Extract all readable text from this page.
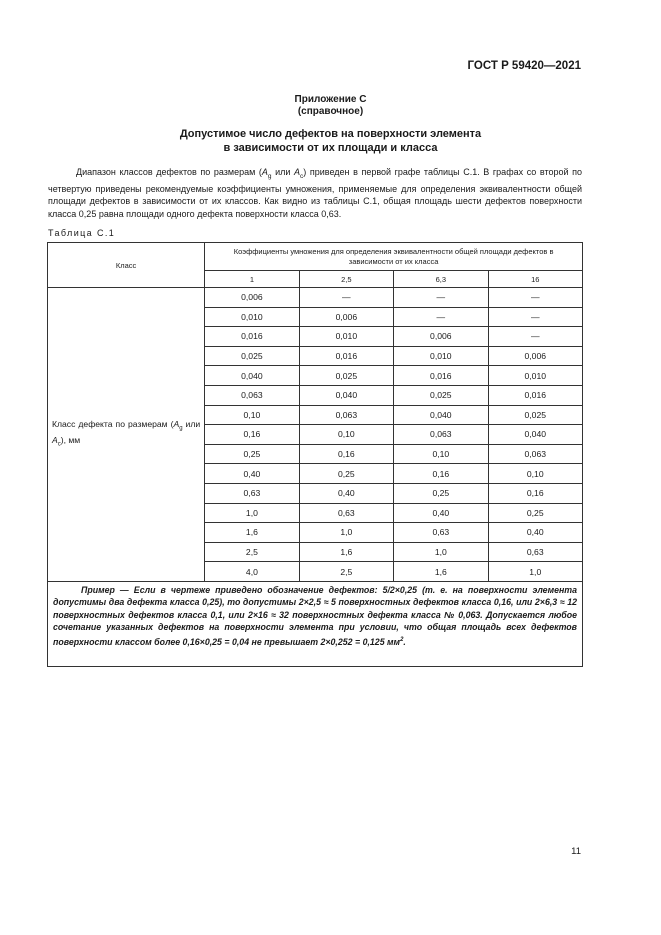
ГОСТ Р 59420—2021
Приложение С
(справочное)
Допустимое число дефектов на поверхности элемента
в зависимости от их площади и класса

Диапазон классов дефектов по размерам ($A_g$ или $A_c$) приведен в первой графе таблицы С.1. В графах со второй по четвертую приведены рекомендуемые коэффициенты умножения, применяемые для определения эквивалентности общей площади дефектов в зависимости от их классов. Как видно из таблицы С.1, общая площадь шести дефектов поверхности класса 0,25 равна площади одного дефекта поверхности класса 0,63.

Таблица С.1
Класс	Коэффициенты умножения для определения эквивалентности общей площади дефектов в зависимости от их класса			
	1	2,5	6,3	16
Класс дефекта по размерам ($A_g$ или $A_c$), мм	0,006	—	—	—
	0,010	0,006	—	—
	0,016	0,010	0,006	—
	0,025	0,016	0,010	0,006
	0,040	0,025	0,016	0,010
	0,063	0,040	0,025	0,016
	0,10	0,063	0,040	0,025
	0,16	0,10	0,063	0,040
	0,25	0,16	0,10	0,063
	0,40	0,25	0,16	0,10
	0,63	0,40	0,25	0,16
	1,0	0,63	0,40	0,25
	1,6	1,0	0,63	0,40
	2,5	1,6	1,0	0,63
	4,0	2,5	1,6	1,0
Пример — Если в чертеже приведено обозначение дефектов: 5/2×0,25 (т. е. на поверхности элемента допустимы два дефекта класса 0,25), то допустимы 2×2,5 ≈ 5 поверхностных дефектов класса 0,16, или 2×6,3 ≈ 12 поверхностных дефектов класса 0,1, или 2×16 ≈ 32 поверхностных дефекта класса № 0,063. Допускается любое сочетание указанных дефектов на поверхности элемента при условии, что общая площадь всех дефектов поверхности классом более 0,16×0,25 = 0,04 не превышает 2×0,252 = 0,125 $мм^2$.				
11
